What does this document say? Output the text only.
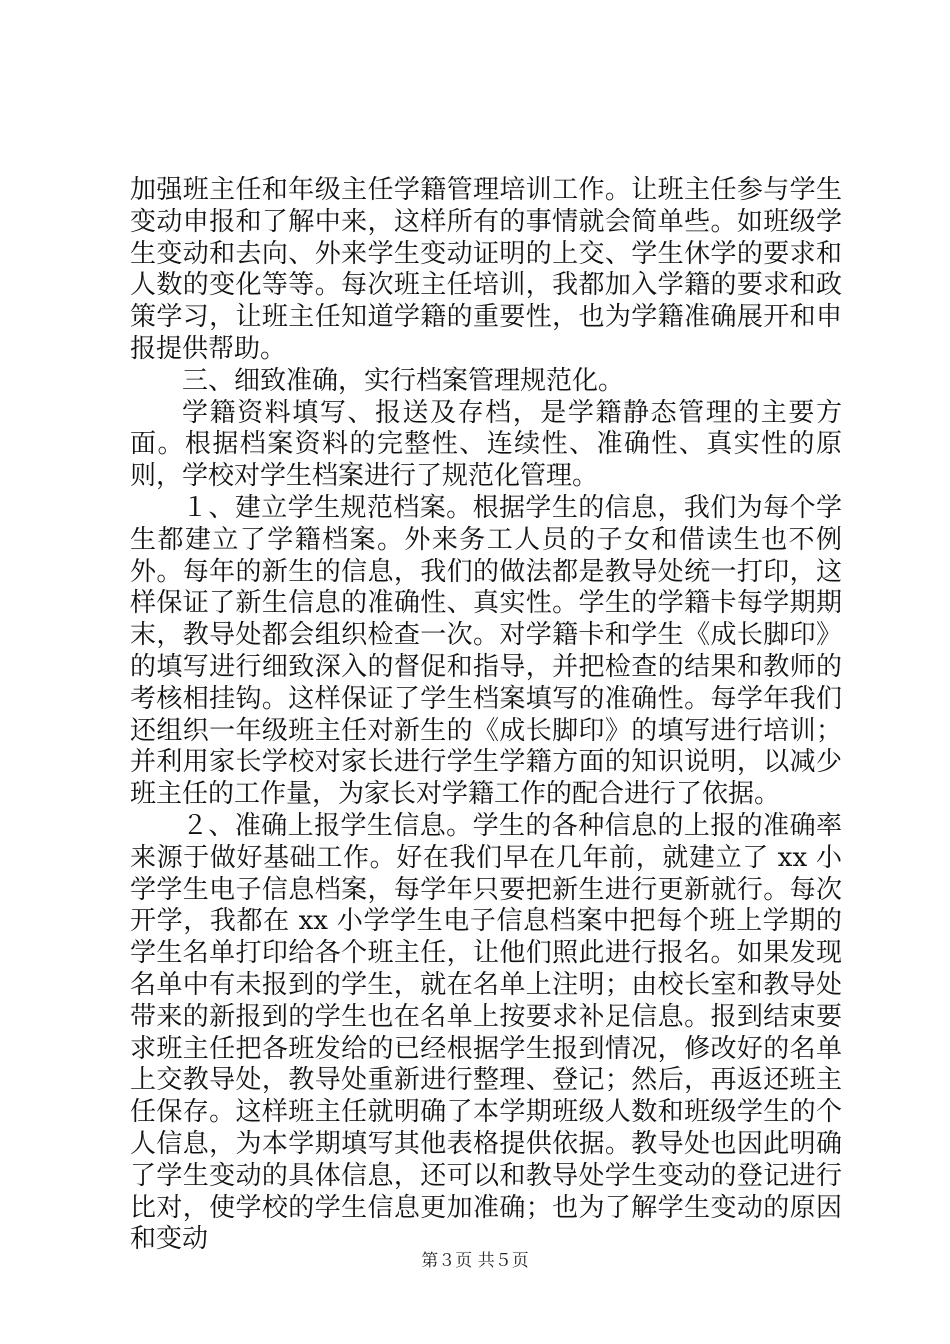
加强班主任和年级主任学籍管理培训工作。让班主任参与学生变动申报和了解中来，这样所有的事情就会简单些。如班级学生变动和去向、外来学生变动证明的上交、学生休学的要求和人数的变化等等。每次班主任培训，我都加入学籍的要求和政策学习，让班主任知道学籍的重要性，也为学籍准确展开和申报提供帮助。

三、细致准确，实行档案管理规范化。

学籍资料填写、报送及存档，是学籍静态管理的主要方面。根据档案资料的完整性、连续性、准确性、真实性的原则，学校对学生档案进行了规范化管理。

１、建立学生规范档案。根据学生的信息，我们为每个学生都建立了学籍档案。外来务工人员的子女和借读生也不例外。每年的新生的信息，我们的做法都是教导处统一打印，这样保证了新生信息的准确性、真实性。学生的学籍卡每学期期末，教导处都会组织检查一次。对学籍卡和学生《成长脚印》的填写进行细致深入的督促和指导，并把检查的结果和教师的考核相挂钩。这样保证了学生档案填写的准确性。每学年我们还组织一年级班主任对新生的《成长脚印》的填写进行培训；并利用家长学校对家长进行学生学籍方面的知识说明，以减少班主任的工作量，为家长对学籍工作的配合进行了依据。

２、准确上报学生信息。学生的各种信息的上报的准确率来源于做好基础工作。好在我们早在几年前，就建立了 xx 小学学生电子信息档案，每学年只要把新生进行更新就行。每次开学，我都在 xx 小学学生电子信息档案中把每个班上学期的学生名单打印给各个班主任，让他们照此进行报名。如果发现名单中有未报到的学生，就在名单上注明；由校长室和教导处带来的新报到的学生也在名单上按要求补足信息。报到结束要求班主任把各班发给的已经根据学生报到情况，修改好的名单上交教导处，教导处重新进行整理、登记；然后，再返还班主任保存。这样班主任就明确了本学期班级人数和班级学生的个人信息，为本学期填写其他表格提供依据。教导处也因此明确了学生变动的具体信息，还可以和教导处学生变动的登记进行比对，使学校的学生信息更加准确；也为了解学生变动的原因和变动

第３页 共５页
